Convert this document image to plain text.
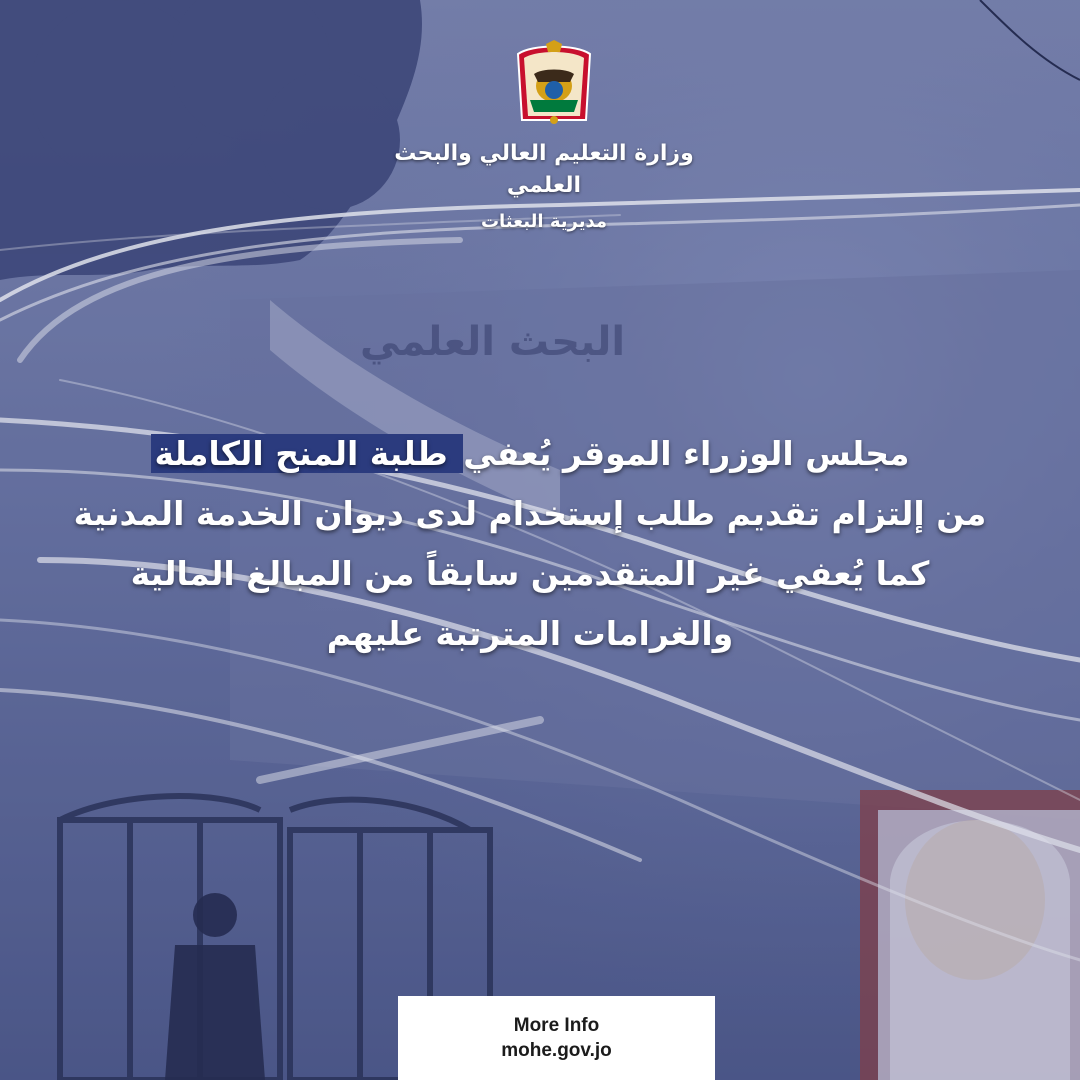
البحث العلمي
وزارة التعليم العالي والبحث العلمي
مديرية البعثات
مجلس الوزراء الموقر يُعفي طلبة المنح الكاملة
من إلتزام تقديم طلب إستخدام لدى ديوان الخدمة المدنية
كما يُعفي غير المتقدمين سابقاً من المبالغ المالية
والغرامات المترتبة عليهم
More Info
mohe.gov.jo
